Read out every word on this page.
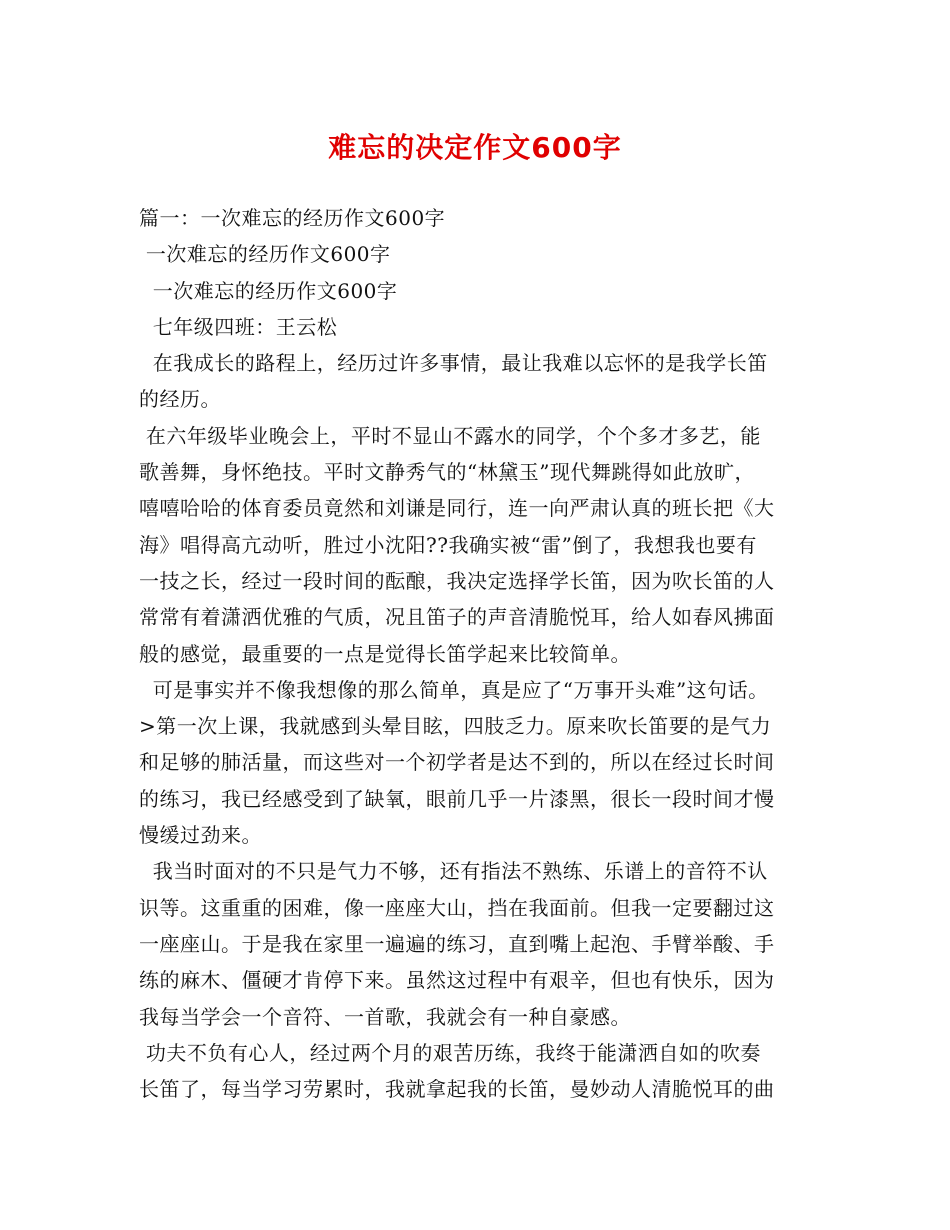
难忘的决定作文600字
篇一：一次难忘的经历作文600字
一次难忘的经历作文600字
一次难忘的经历作文600字
七年级四班：王云松
在我成长的路程上，经历过许多事情，最让我难以忘怀的是我学长笛
的经历。
在六年级毕业晚会上，平时不显山不露水的同学，个个多才多艺，能
歌善舞，身怀绝技。平时文静秀气的“林黛玉”现代舞跳得如此放旷，
嘻嘻哈哈的体育委员竟然和刘谦是同行，连一向严肃认真的班长把《大
海》唱得高亢动听，胜过小沈阳??我确实被“雷”倒了，我想我也要有
一技之长，经过一段时间的酝酿，我决定选择学长笛，因为吹长笛的人
常常有着潇洒优雅的气质，况且笛子的声音清脆悦耳，给人如春风拂面
般的感觉，最重要的一点是觉得长笛学起来比较简单。
可是事实并不像我想像的那么简单，真是应了“万事开头难”这句话。
>第一次上课，我就感到头晕目眩，四肢乏力。原来吹长笛要的是气力
和足够的肺活量，而这些对一个初学者是达不到的，所以在经过长时间
的练习，我已经感受到了缺氧，眼前几乎一片漆黑，很长一段时间才慢
慢缓过劲来。
我当时面对的不只是气力不够，还有指法不熟练、乐谱上的音符不认
识等。这重重的困难，像一座座大山，挡在我面前。但我一定要翻过这
一座座山。于是我在家里一遍遍的练习，直到嘴上起泡、手臂举酸、手
练的麻木、僵硬才肯停下来。虽然这过程中有艰辛，但也有快乐，因为
我每当学会一个音符、一首歌，我就会有一种自豪感。
功夫不负有心人，经过两个月的艰苦历练，我终于能潇洒自如的吹奏
长笛了，每当学习劳累时，我就拿起我的长笛，曼妙动人清脆悦耳的曲
